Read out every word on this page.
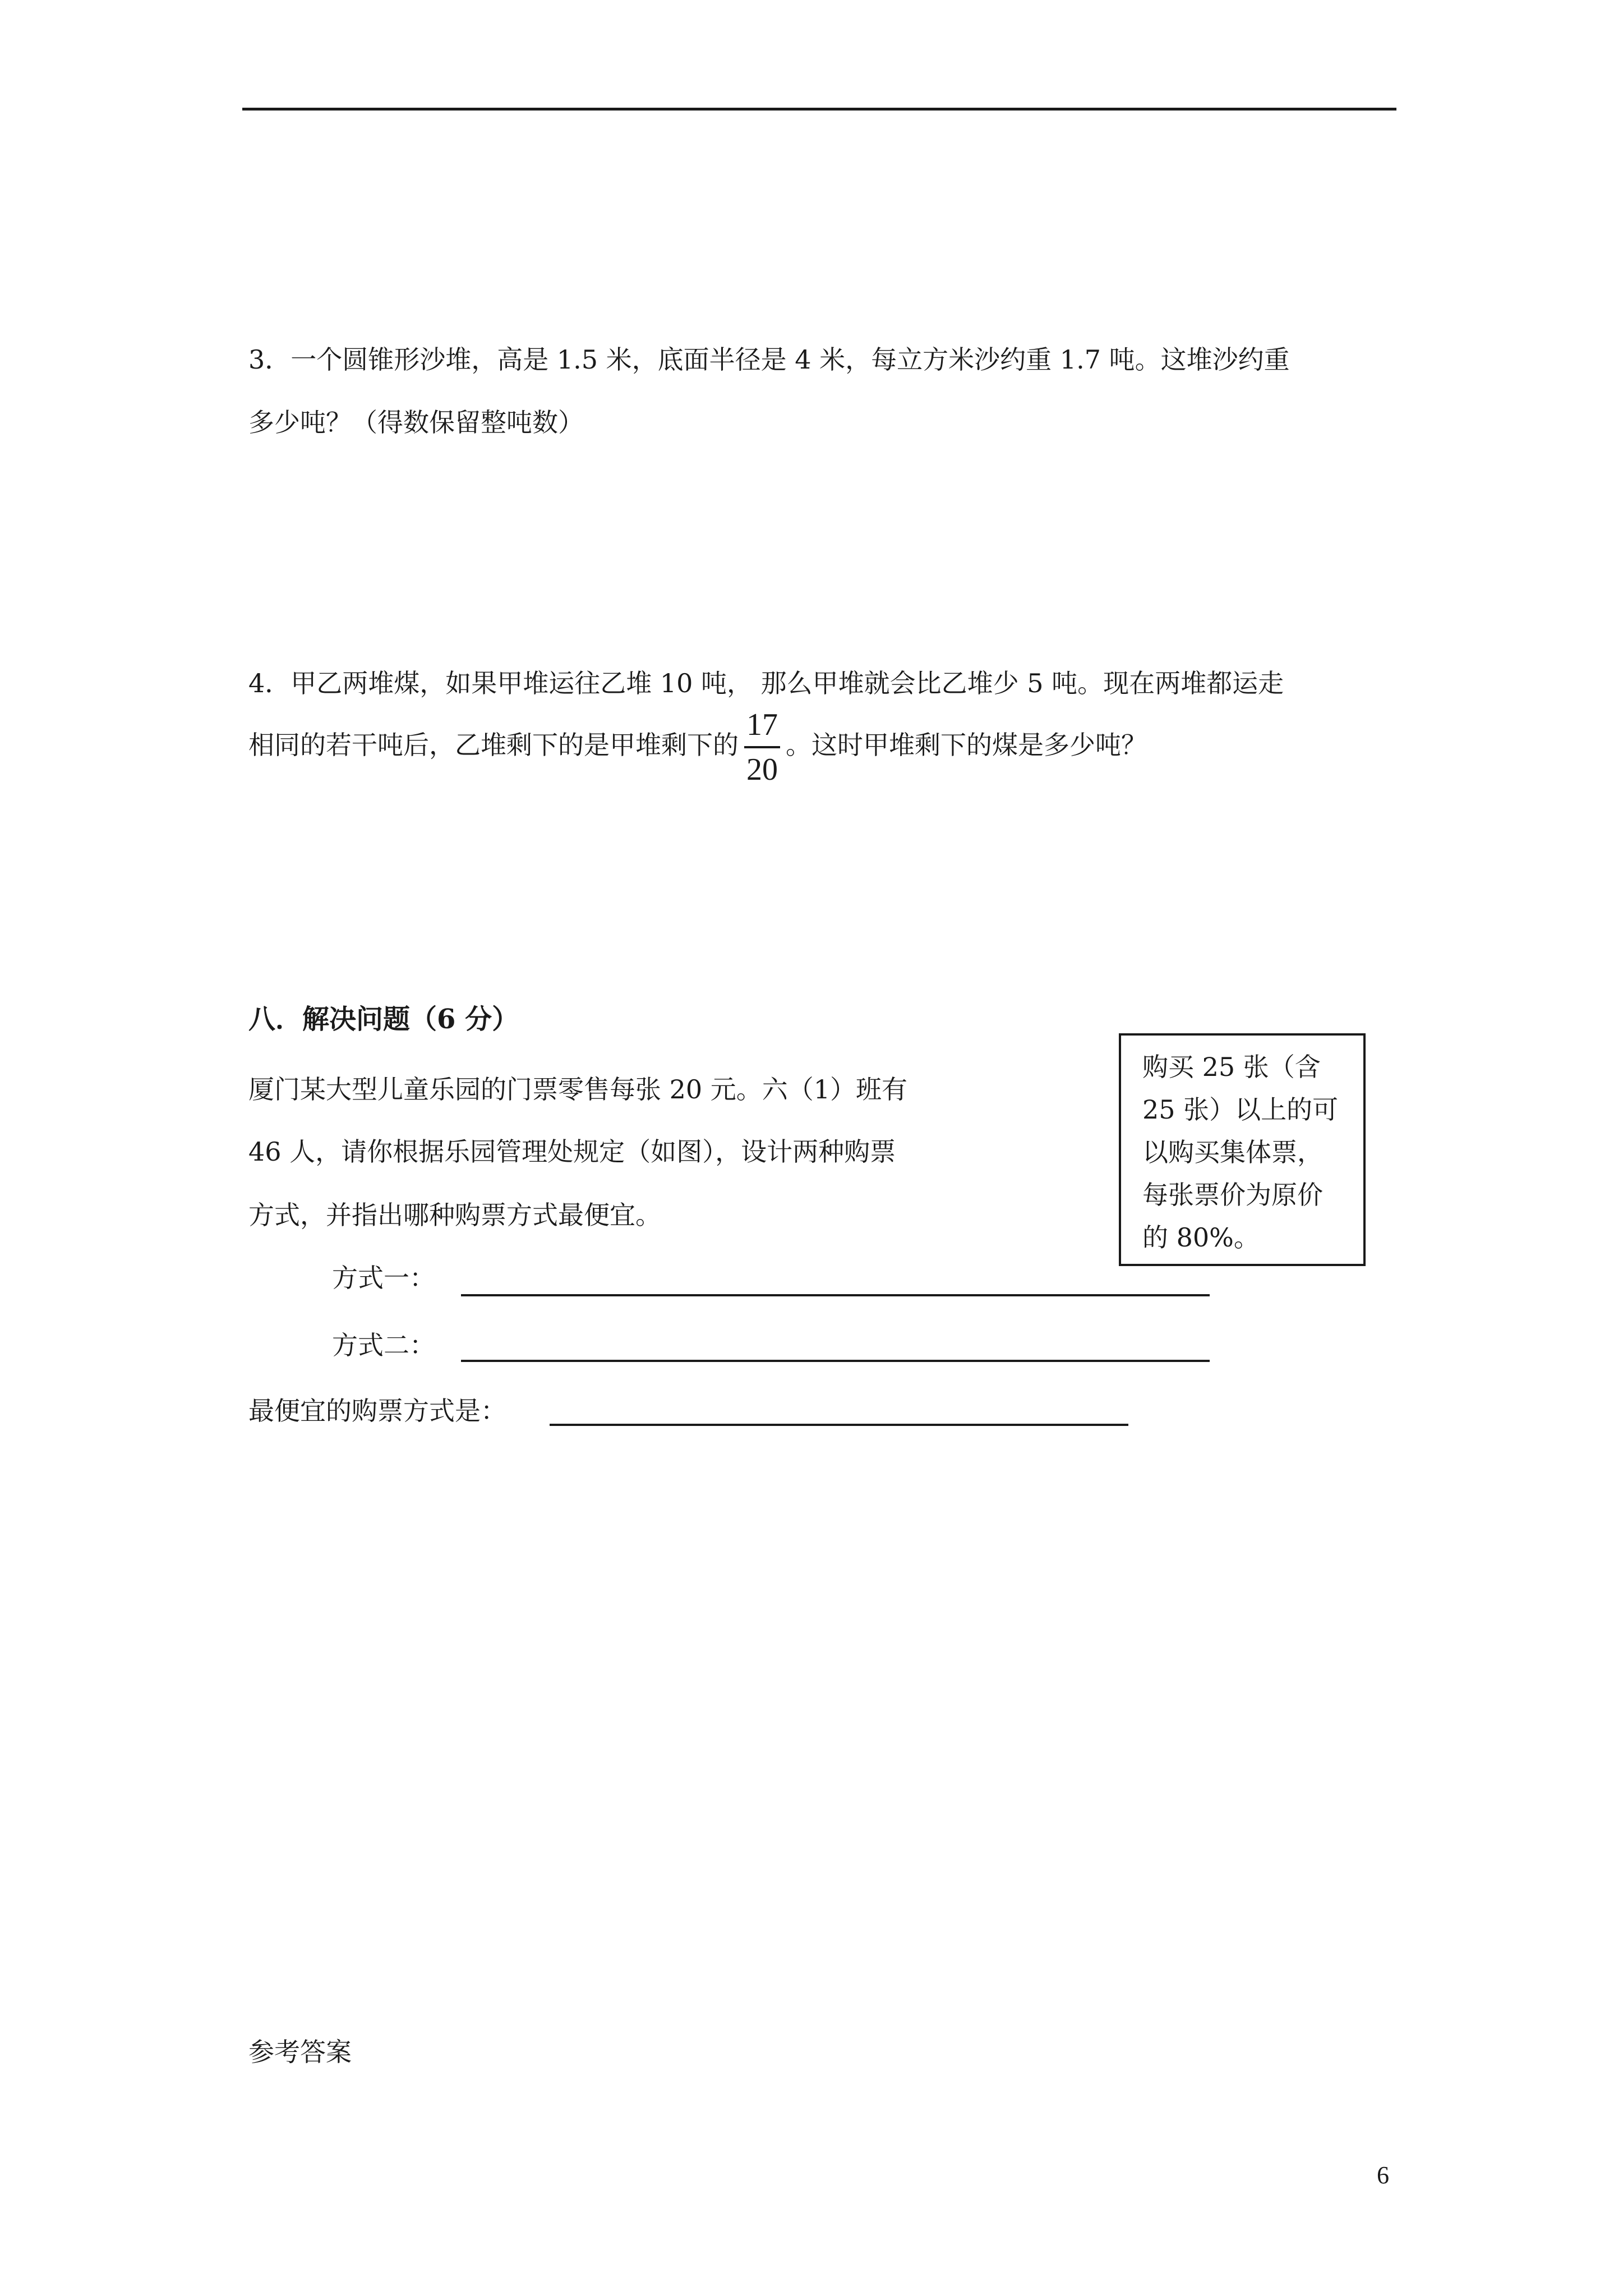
3．一个圆锥形沙堆，高是 1.5 米，底面半径是 4 米，每立方米沙约重 1.7 吨。这堆沙约重
多少吨？（得数保留整吨数）
4．甲乙两堆煤，如果甲堆运往乙堆 10 吨， 那么甲堆就会比乙堆少 5 吨。现在两堆都运走
相同的若干吨后，乙堆剩下的是甲堆剩下的 $\frac{17}{20}$ 。这时甲堆剩下的煤是多少吨？
八．解决问题（6 分）
厦门某大型儿童乐园的门票零售每张 20 元。六（1）班有
46 人，请你根据乐园管理处规定（如图），设计两种购票
方式，并指出哪种购票方式最便宜。
购买 25 张（含
25 张）以上的可
以购买集体票，
每张票价为原价
的 80%。
方式一：
方式二：
最便宜的购票方式是：
参考答案
6
